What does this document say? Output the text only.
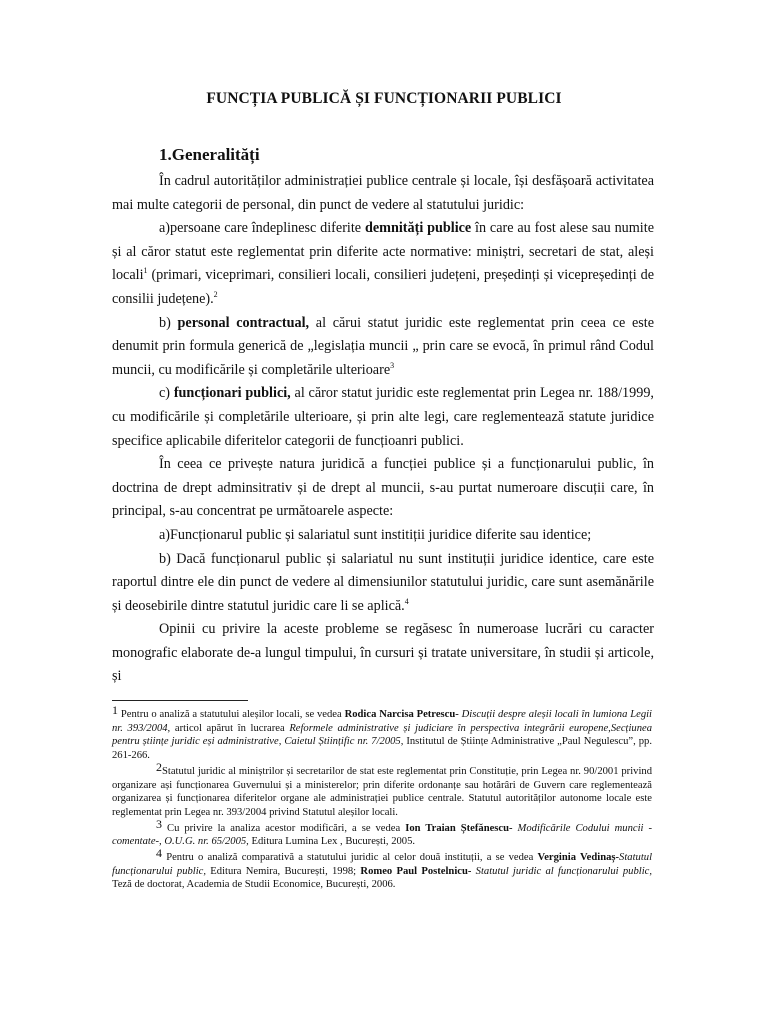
FUNCȚIA PUBLICĂ ȘI FUNCȚIONARII PUBLICI
1.Generalități

În cadrul autorităților administrației publice centrale și locale, își desfășoară activitatea mai multe categorii de personal, din punct de vedere al statutului juridic:

a)persoane care îndeplinesc diferite demnități publice în care au fost alese sau numite și al căror statut este reglementat prin diferite acte normative: miniștri, secretari de stat, aleși locali$^1$ (primari, viceprimari, consilieri locali, consilieri județeni, președinți și vicepreședinți de consilii județene).$^2$

b) personal contractual, al cărui statut juridic este reglementat prin ceea ce este denumit prin formula generică de „legislația muncii „ prin care se evocă, în primul rând Codul muncii, cu modificările și completările ulterioare$^3$

c) funcționari publici, al căror statut juridic este reglementat prin Legea nr. 188/1999, cu modificările și completările ulterioare, și prin alte legi, care reglementează statute juridice specifice aplicabile diferitelor categorii de funcțioanri publici.

În ceea ce privește natura juridică a funcției publice și a funcționarului public, în doctrina de drept adminsitrativ și de drept al muncii, s-au purtat numeroare discuții care, în principal, s-au concentrat pe următoarele aspecte:

a)Funcționarul public și salariatul sunt institiții juridice diferite sau identice;

b) Dacă funcționarul public și salariatul nu sunt instituții juridice identice, care este raportul dintre ele din punct de vedere al dimensiunilor statutului juridic, care sunt asemănările și deosebirile dintre statutul juridic care li se aplică.$^4$

Opinii cu privire la aceste probleme se regăsesc în numeroase lucrări cu caracter monografic elaborate de-a lungul timpului, în cursuri și tratate universitare, în studii și articole, și

1 Pentru o analiză a statutului aleșilor locali, se vedea Rodica Narcisa Petrescu- Discuții despre aleșii locali în lumiona Legii nr. 393/2004, articol apărut în lucrarea Reformele administrative și judiciare în perspectiva integrării europene,Secțiunea pentru științe juridic eși administrative, Caietul Științific nr. 7/2005, Institutul de Științe Administrative „Paul Negulescu”, pp. 261-266.

2Statutul juridic al miniștrilor și secretarilor de stat este reglementat prin Constituție, prin Legea nr. 90/2001 privind organizare ași funcționarea Guvernului și a ministerelor; prin diferite ordonanțe sau hotărâri de Guvern care reglementează organizarea și funcționarea diferitelor organe ale administrației publice centrale. Statutul autorităților autonome locale este reglementat prin Legea nr. 393/2004 privind Statutul aleșilor locali.

3 Cu privire la analiza acestor modificări, a se vedea Ion Traian Ștefănescu- Modificările Codului muncii -comentate-, O.U.G. nr. 65/2005, Editura Lumina Lex , București, 2005.

4 Pentru o analiză comparativă a statutului juridic al celor două instituții, a se vedea Verginia Vedinaș-Statutul funcționarului public, Editura Nemira, București, 1998; Romeo Paul Postelnicu- Statutul juridic al funcționarului public, Teză de doctorat, Academia de Studii Economice, București, 2006.
